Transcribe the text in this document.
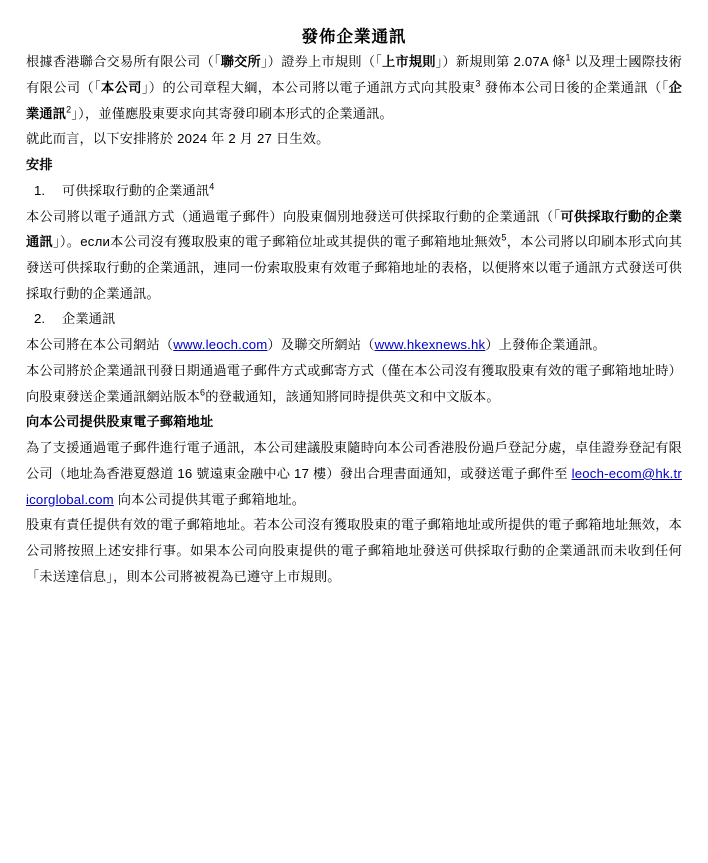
發佈企業通訊

根據香港聯合交易所有限公司（「聯交所」）證券上市規則（「上市規則」）新規則第 2.07A 條$^1$ 以及理士國際技術有限公司（「本公司」）的公司章程大綱，本公司將以電子通訊方式向其股東$^3$ 發佈本公司日後的企業通訊（「企業通訊$^2$」），並僅應股東要求向其寄發印刷本形式的企業通訊。

就此而言，以下安排將於 2024 年 2 月 27 日生效。

安排

1.	可供採取行動的企業通訊$^4$

本公司將以電子通訊方式（通過電子郵件）向股東個別地發送可供採取行動的企業通訊（「可供採取行動的企業通訊」）。если本公司沒有獲取股東的電子郵箱位址或其提供的電子郵箱地址無效$^5$，本公司將以印刷本形式向其發送可供採取行動的企業通訊，連同一份索取股東有效電子郵箱地址的表格，以便將來以電子通訊方式發送可供採取行動的企業通訊。

2.	企業通訊

本公司將在本公司網站（www.leoch.com）及聯交所網站（www.hkexnews.hk）上發佈企業通訊。

本公司將於企業通訊刊發日期通過電子郵件方式或郵寄方式（僅在本公司沒有獲取股東有效的電子郵箱地址時）向股東發送企業通訊網站版本$^6$的登載通知，該通知將同時提供英文和中文版本。

向本公司提供股東電子郵箱地址

為了支援通過電子郵件進行電子通訊，本公司建議股東隨時向本公司香港股份過戶登記分處，卓佳證券登記有限公司（地址為香港夏慤道 16 號遠東金融中心 17 樓）發出合理書面通知，或發送電子郵件至 leoch-ecom@hk.tricorglobal.com 向本公司提供其電子郵箱地址。

股東有責任提供有效的電子郵箱地址。若本公司沒有獲取股東的電子郵箱地址或所提供的電子郵箱地址無效，本公司將按照上述安排行事。如果本公司向股東提供的電子郵箱地址發送可供採取行動的企業通訊而未收到任何「未送達信息」，則本公司將被視為已遵守上市規則。
